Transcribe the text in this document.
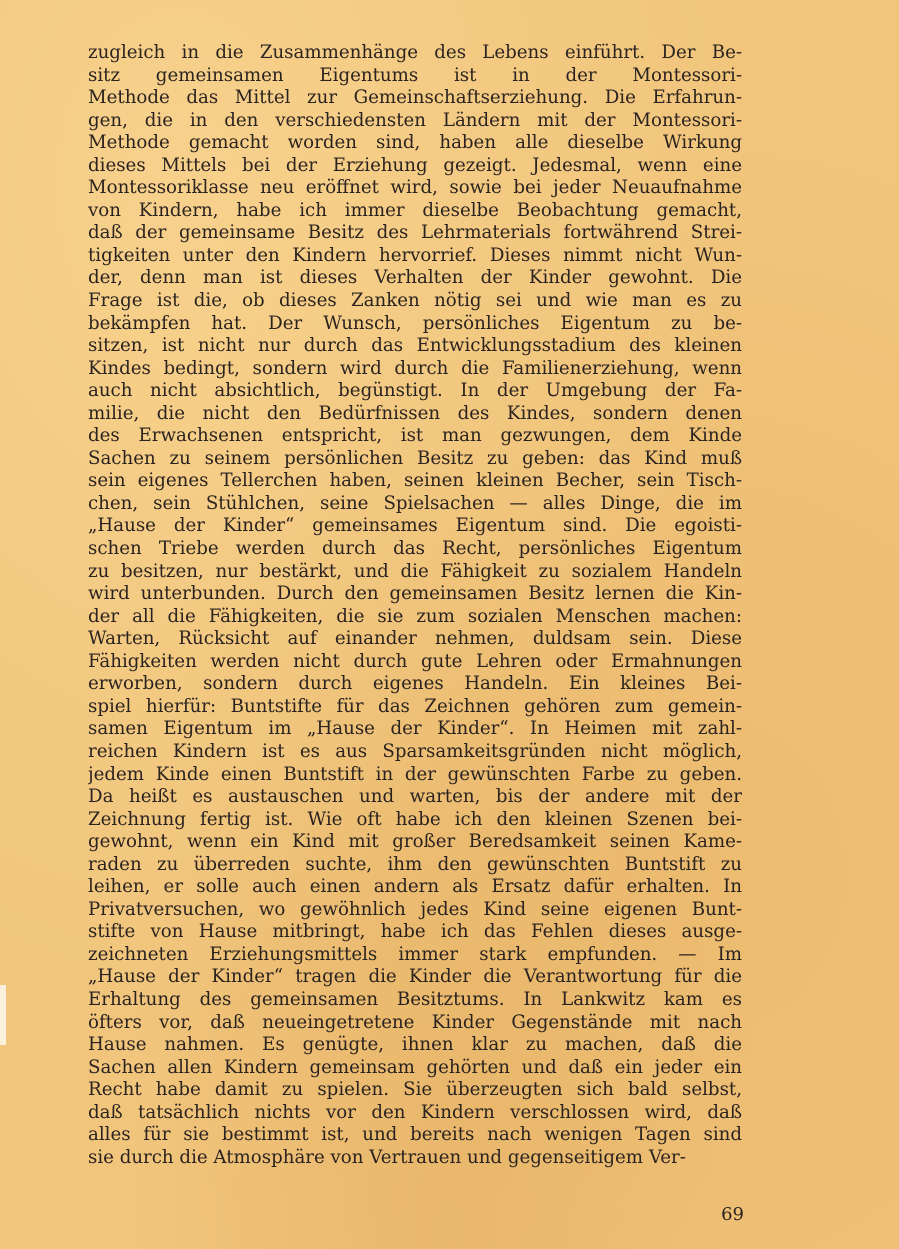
zugleich in die Zusammenhänge des Lebens einführt. Der Be-
sitz gemeinsamen Eigentums ist in der Montessori-
Methode das Mittel zur Gemeinschaftserziehung. Die Erfahrun-
gen, die in den verschiedensten Ländern mit der Montessori-
Methode gemacht worden sind, haben alle dieselbe Wirkung
dieses Mittels bei der Erziehung gezeigt. Jedesmal, wenn eine
Montessoriklasse neu eröffnet wird, sowie bei jeder Neuaufnahme
von Kindern, habe ich immer dieselbe Beobachtung gemacht,
daß der gemeinsame Besitz des Lehrmaterials fortwährend Strei-
tigkeiten unter den Kindern hervorrief. Dieses nimmt nicht Wun-
der, denn man ist dieses Verhalten der Kinder gewohnt. Die
Frage ist die, ob dieses Zanken nötig sei und wie man es zu
bekämpfen hat. Der Wunsch, persönliches Eigentum zu be-
sitzen, ist nicht nur durch das Entwicklungsstadium des kleinen
Kindes bedingt, sondern wird durch die Familienerziehung, wenn
auch nicht absichtlich, begünstigt. In der Umgebung der Fa-
milie, die nicht den Bedürfnissen des Kindes, sondern denen
des Erwachsenen entspricht, ist man gezwungen, dem Kinde
Sachen zu seinem persönlichen Besitz zu geben: das Kind muß
sein eigenes Tellerchen haben, seinen kleinen Becher, sein Tisch-
chen, sein Stühlchen, seine Spielsachen — alles Dinge, die im
„Hause der Kinder“ gemeinsames Eigentum sind. Die egoisti-
schen Triebe werden durch das Recht, persönliches Eigentum
zu besitzen, nur bestärkt, und die Fähigkeit zu sozialem Handeln
wird unterbunden. Durch den gemeinsamen Besitz lernen die Kin-
der all die Fähigkeiten, die sie zum sozialen Menschen machen:
Warten, Rücksicht auf einander nehmen, duldsam sein. Diese
Fähigkeiten werden nicht durch gute Lehren oder Ermahnungen
erworben, sondern durch eigenes Handeln. Ein kleines Bei-
spiel hierfür: Buntstifte für das Zeichnen gehören zum gemein-
samen Eigentum im „Hause der Kinder“. In Heimen mit zahl-
reichen Kindern ist es aus Sparsamkeitsgründen nicht möglich,
jedem Kinde einen Buntstift in der gewünschten Farbe zu geben.
Da heißt es austauschen und warten, bis der andere mit der
Zeichnung fertig ist. Wie oft habe ich den kleinen Szenen bei-
gewohnt, wenn ein Kind mit großer Beredsamkeit seinen Kame-
raden zu überreden suchte, ihm den gewünschten Buntstift zu
leihen, er solle auch einen andern als Ersatz dafür erhalten. In
Privatversuchen, wo gewöhnlich jedes Kind seine eigenen Bunt-
stifte von Hause mitbringt, habe ich das Fehlen dieses ausge-
zeichneten Erziehungsmittels immer stark empfunden. — Im
„Hause der Kinder“ tragen die Kinder die Verantwortung für die
Erhaltung des gemeinsamen Besitztums. In Lankwitz kam es
öfters vor, daß neueingetretene Kinder Gegenstände mit nach
Hause nahmen. Es genügte, ihnen klar zu machen, daß die
Sachen allen Kindern gemeinsam gehörten und daß ein jeder ein
Recht habe damit zu spielen. Sie überzeugten sich bald selbst,
daß tatsächlich nichts vor den Kindern verschlossen wird, daß
alles für sie bestimmt ist, und bereits nach wenigen Tagen sind
sie durch die Atmosphäre von Vertrauen und gegenseitigem Ver-
69
